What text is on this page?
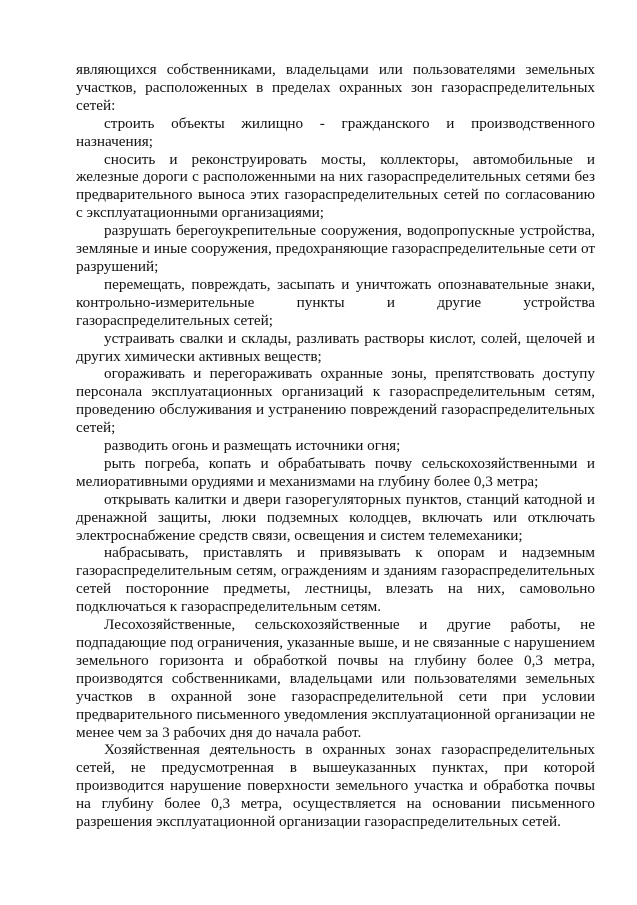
являющихся собственниками, владельцами или пользователями земельных участков, расположенных в пределах охранных зон газораспределительных сетей:

строить объекты жилищно - гражданского и производственного назначения;

сносить и реконструировать мосты, коллекторы, автомобильные и железные дороги с расположенными на них газораспределительных сетями без предварительного выноса этих газораспределительных сетей по согласованию с эксплуатационными организациями;

разрушать берегоукрепительные сооружения, водопропускные устройства, земляные и иные сооружения, предохраняющие газораспределительные сети от разрушений;

перемещать, повреждать, засыпать и уничтожать опознавательные знаки, контрольно-измерительные пункты и другие устройства газораспределительных сетей;

устраивать свалки и склады, разливать растворы кислот, солей, щелочей и других химически активных веществ;

огораживать и перегораживать охранные зоны, препятствовать доступу персонала эксплуатационных организаций к газораспределительным сетям, проведению обслуживания и устранению повреждений газораспределительных сетей;

разводить огонь и размещать источники огня;

рыть погреба, копать и обрабатывать почву сельскохозяйственными и мелиоративными орудиями и механизмами на глубину более 0,3 метра;

открывать калитки и двери газорегуляторных пунктов, станций катодной и дренажной защиты, люки подземных колодцев, включать или отключать электроснабжение средств связи, освещения и систем телемеханики;

набрасывать, приставлять и привязывать к опорам и надземным газораспределительным сетям, ограждениям и зданиям газораспределительных сетей посторонние предметы, лестницы, влезать на них, самовольно подключаться к газораспределительным сетям.

Лесохозяйственные, сельскохозяйственные и другие работы, не подпадающие под ограничения, указанные выше, и не связанные с нарушением земельного горизонта и обработкой почвы на глубину более 0,3 метра, производятся собственниками, владельцами или пользователями земельных участков в охранной зоне газораспределительной сети при условии предварительного письменного уведомления эксплуатационной организации не менее чем за 3 рабочих дня до начала работ.

Хозяйственная деятельность в охранных зонах газораспределительных сетей, не предусмотренная в вышеуказанных пунктах, при которой производится нарушение поверхности земельного участка и обработка почвы на глубину более 0,3 метра, осуществляется на основании письменного разрешения эксплуатационной организации газораспределительных сетей.
